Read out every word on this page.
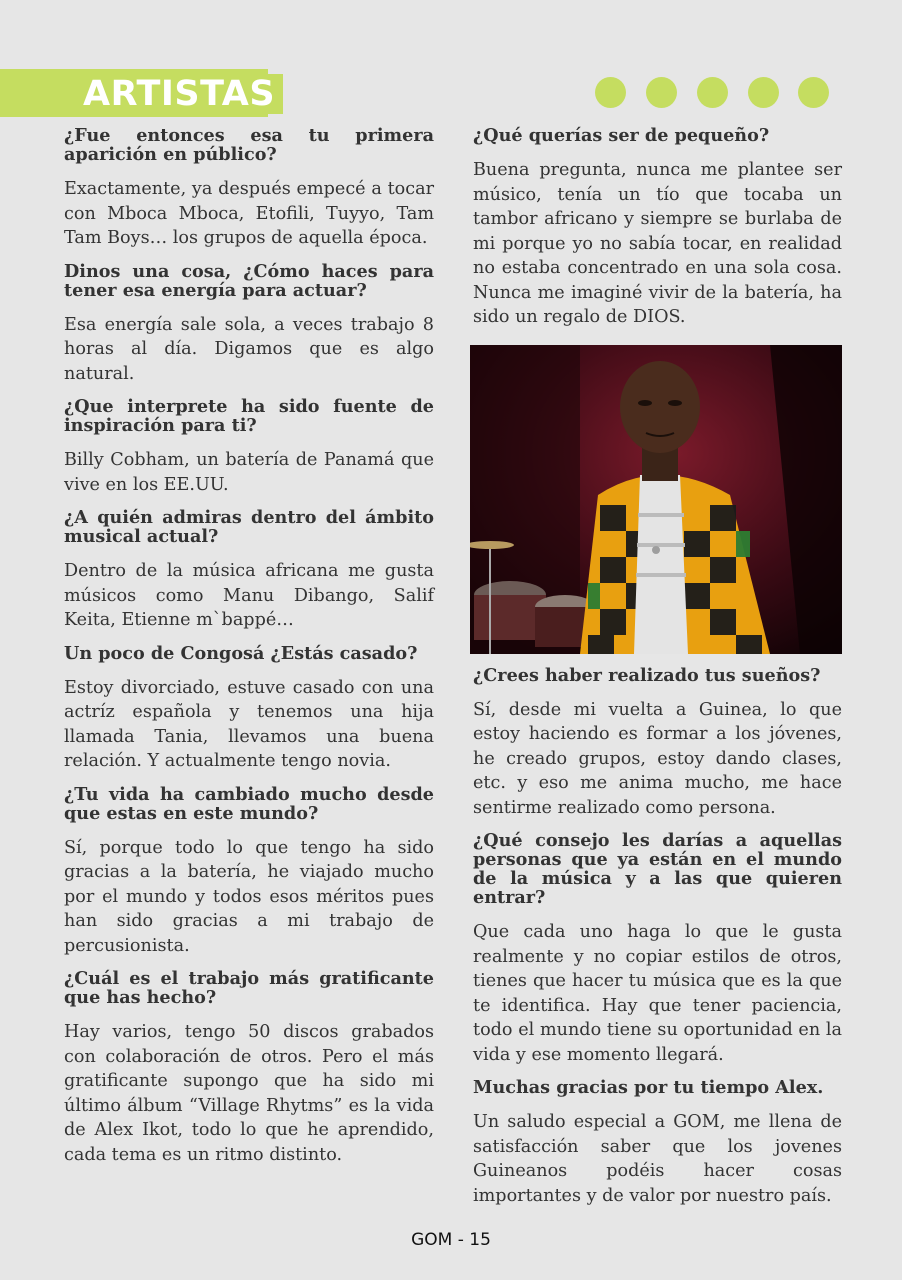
ARTISTAS

¿Fue entonces esa tu primera aparición en público?

Exactamente, ya después empecé a tocar con Mboca Mboca, Etofili, Tuyyo, Tam Tam Boys… los grupos de aquella época.

Dinos una cosa, ¿Cómo haces para tener esa energía para actuar?

Esa energía sale sola, a veces trabajo 8 horas al día. Digamos que es algo natural.

¿Que interprete ha sido fuente de inspiración para ti?

Billy Cobham, un batería de Panamá que vive en los EE.UU.

¿A quién admiras dentro del ámbito musical actual?

Dentro de la música africana me gusta músicos como Manu Dibango, Salif Keita, Etienne m`bappé…

Un poco de Congosá ¿Estás casado?

Estoy divorciado, estuve casado con una actríz española y tenemos una hija llamada Tania, llevamos una buena relación. Y actualmente tengo novia.

¿Tu vida ha cambiado mucho desde que estas en este mundo?

Sí, porque todo lo que tengo ha sido gracias a la batería, he viajado mucho por el mundo y todos esos méritos pues han sido gracias a mi trabajo de percusionista.

¿Cuál es el trabajo más gratificante que has hecho?

Hay varios, tengo 50 discos grabados con colaboración de otros. Pero el más gratificante supongo que ha sido mi último álbum “Village Rhytms” es la vida de Alex Ikot, todo lo que he aprendido, cada tema es un ritmo distinto.

¿Qué querías ser de pequeño?

Buena pregunta, nunca me plantee ser músico, tenía un tío que tocaba un tambor africano y siempre se burlaba de mi porque yo no sabía tocar, en realidad no estaba concentrado en una sola cosa. Nunca me imaginé vivir de la batería, ha sido un regalo de DIOS.

¿Crees haber realizado tus sueños?

Sí, desde mi vuelta a Guinea, lo que estoy haciendo es formar a los jóvenes, he creado grupos, estoy dando clases, etc. y eso me anima mucho, me hace sentirme realizado como persona.

¿Qué consejo les darías a aquellas personas que ya están en el mundo de la música y a las que quieren entrar?

Que cada uno haga lo que le gusta realmente y no copiar estilos de otros, tienes que hacer tu música que es la que te identifica. Hay que tener paciencia, todo el mundo tiene su oportunidad en la vida y ese momento llegará.

Muchas gracias por tu tiempo Alex.

Un saludo especial a GOM, me llena de satisfacción saber que los jovenes Guineanos podéis hacer cosas importantes y de valor por nuestro país.

GOM - 15
